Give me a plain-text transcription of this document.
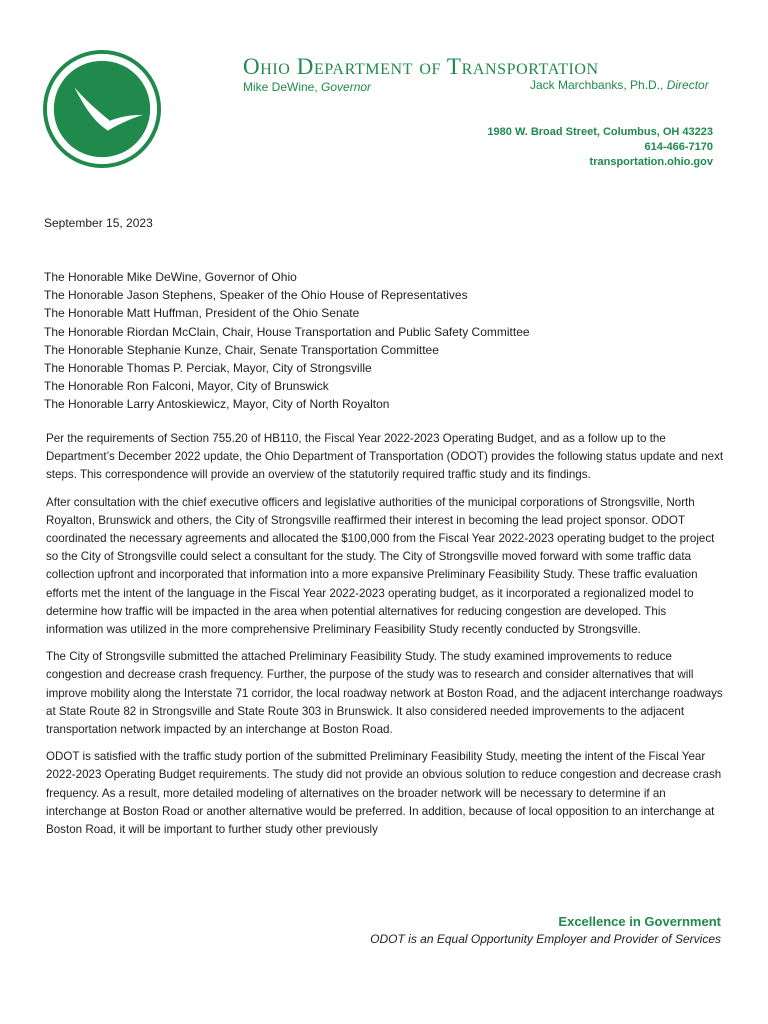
Ohio Department of Transportation
Mike DeWine, Governor	Jack Marchbanks, Ph.D., Director
1980 W. Broad Street, Columbus, OH 43223
614-466-7170
transportation.ohio.gov
September 15, 2023
The Honorable Mike DeWine, Governor of Ohio
The Honorable Jason Stephens, Speaker of the Ohio House of Representatives
The Honorable Matt Huffman, President of the Ohio Senate
The Honorable Riordan McClain, Chair, House Transportation and Public Safety Committee
The Honorable Stephanie Kunze, Chair, Senate Transportation Committee
The Honorable Thomas P. Perciak, Mayor, City of Strongsville
The Honorable Ron Falconi, Mayor, City of Brunswick
The Honorable Larry Antoskiewicz, Mayor, City of North Royalton

Per the requirements of Section 755.20 of HB110, the Fiscal Year 2022-2023 Operating Budget, and as a follow up to the Department’s December 2022 update, the Ohio Department of Transportation (ODOT) provides the following status update and next steps. This correspondence will provide an overview of the statutorily required traffic study and its findings.

After consultation with the chief executive officers and legislative authorities of the municipal corporations of Strongsville, North Royalton, Brunswick and others, the City of Strongsville reaffirmed their interest in becoming the lead project sponsor. ODOT coordinated the necessary agreements and allocated the $100,000 from the Fiscal Year 2022-2023 operating budget to the project so the City of Strongsville could select a consultant for the study. The City of Strongsville moved forward with some traffic data collection upfront and incorporated that information into a more expansive Preliminary Feasibility Study. These traffic evaluation efforts met the intent of the language in the Fiscal Year 2022-2023 operating budget, as it incorporated a regionalized model to determine how traffic will be impacted in the area when potential alternatives for reducing congestion are developed. This information was utilized in the more comprehensive Preliminary Feasibility Study recently conducted by Strongsville.

The City of Strongsville submitted the attached Preliminary Feasibility Study. The study examined improvements to reduce congestion and decrease crash frequency. Further, the purpose of the study was to research and consider alternatives that will improve mobility along the Interstate 71 corridor, the local roadway network at Boston Road, and the adjacent interchange roadways at State Route 82 in Strongsville and State Route 303 in Brunswick. It also considered needed improvements to the adjacent transportation network impacted by an interchange at Boston Road.

ODOT is satisfied with the traffic study portion of the submitted Preliminary Feasibility Study, meeting the intent of the Fiscal Year 2022-2023 Operating Budget requirements. The study did not provide an obvious solution to reduce congestion and decrease crash frequency. As a result, more detailed modeling of alternatives on the broader network will be necessary to determine if an interchange at Boston Road or another alternative would be preferred. In addition, because of local opposition to an interchange at Boston Road, it will be important to further study other previously

Excellence in Government
ODOT is an Equal Opportunity Employer and Provider of Services
